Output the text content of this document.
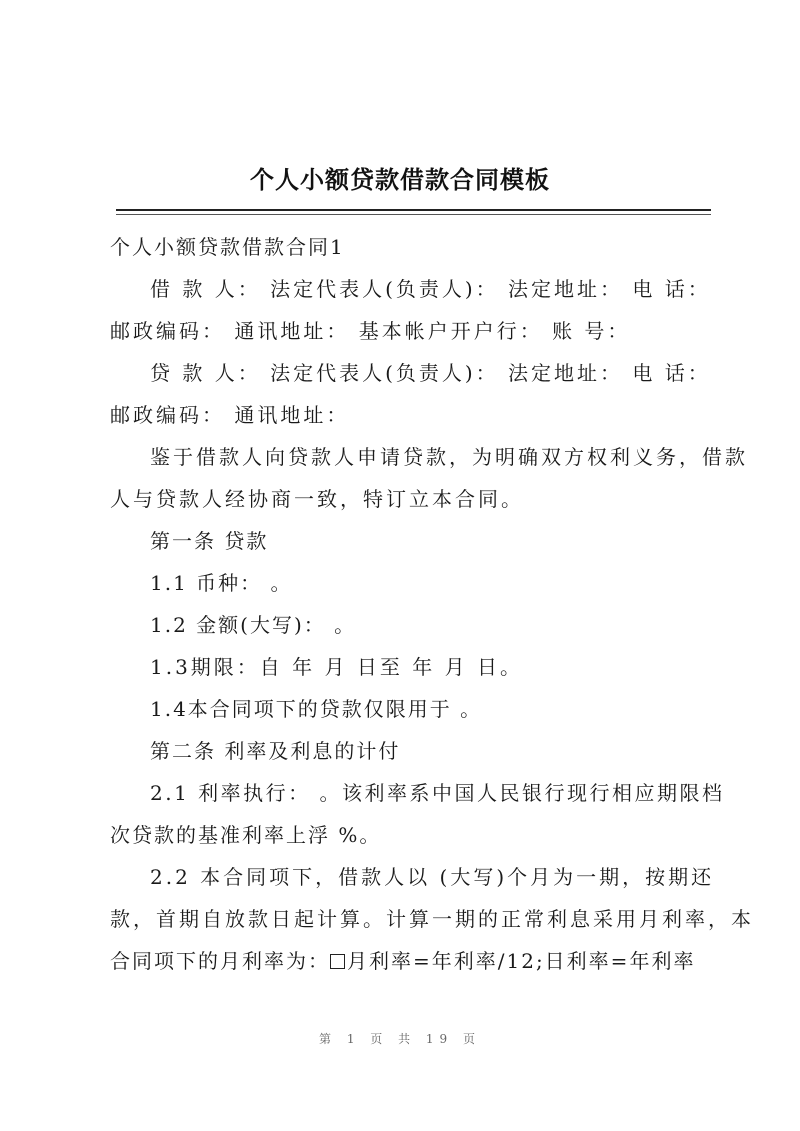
个人小额贷款借款合同模板
个人小额贷款借款合同1
借 款 人： 法定代表人(负责人)： 法定地址： 电 话：
邮政编码： 通讯地址： 基本帐户开户行： 账 号：
贷 款 人： 法定代表人(负责人)： 法定地址： 电 话：
邮政编码： 通讯地址：
鉴于借款人向贷款人申请贷款，为明确双方权利义务，借款
人与贷款人经协商一致，特订立本合同。
第一条 贷款
1.1 币种： 。
1.2 金额(大写)： 。
1.3期限：自 年 月 日至 年 月 日。
1.4本合同项下的贷款仅限用于 。
第二条 利率及利息的计付
2.1 利率执行： 。该利率系中国人民银行现行相应期限档
次贷款的基准利率上浮 %。
2.2 本合同项下，借款人以 (大写)个月为一期，按期还
款，首期自放款日起计算。计算一期的正常利息采用月利率，本
合同项下的月利率为： 月利率=年利率/12;日利率=年利率
第 1 页 共 19 页
